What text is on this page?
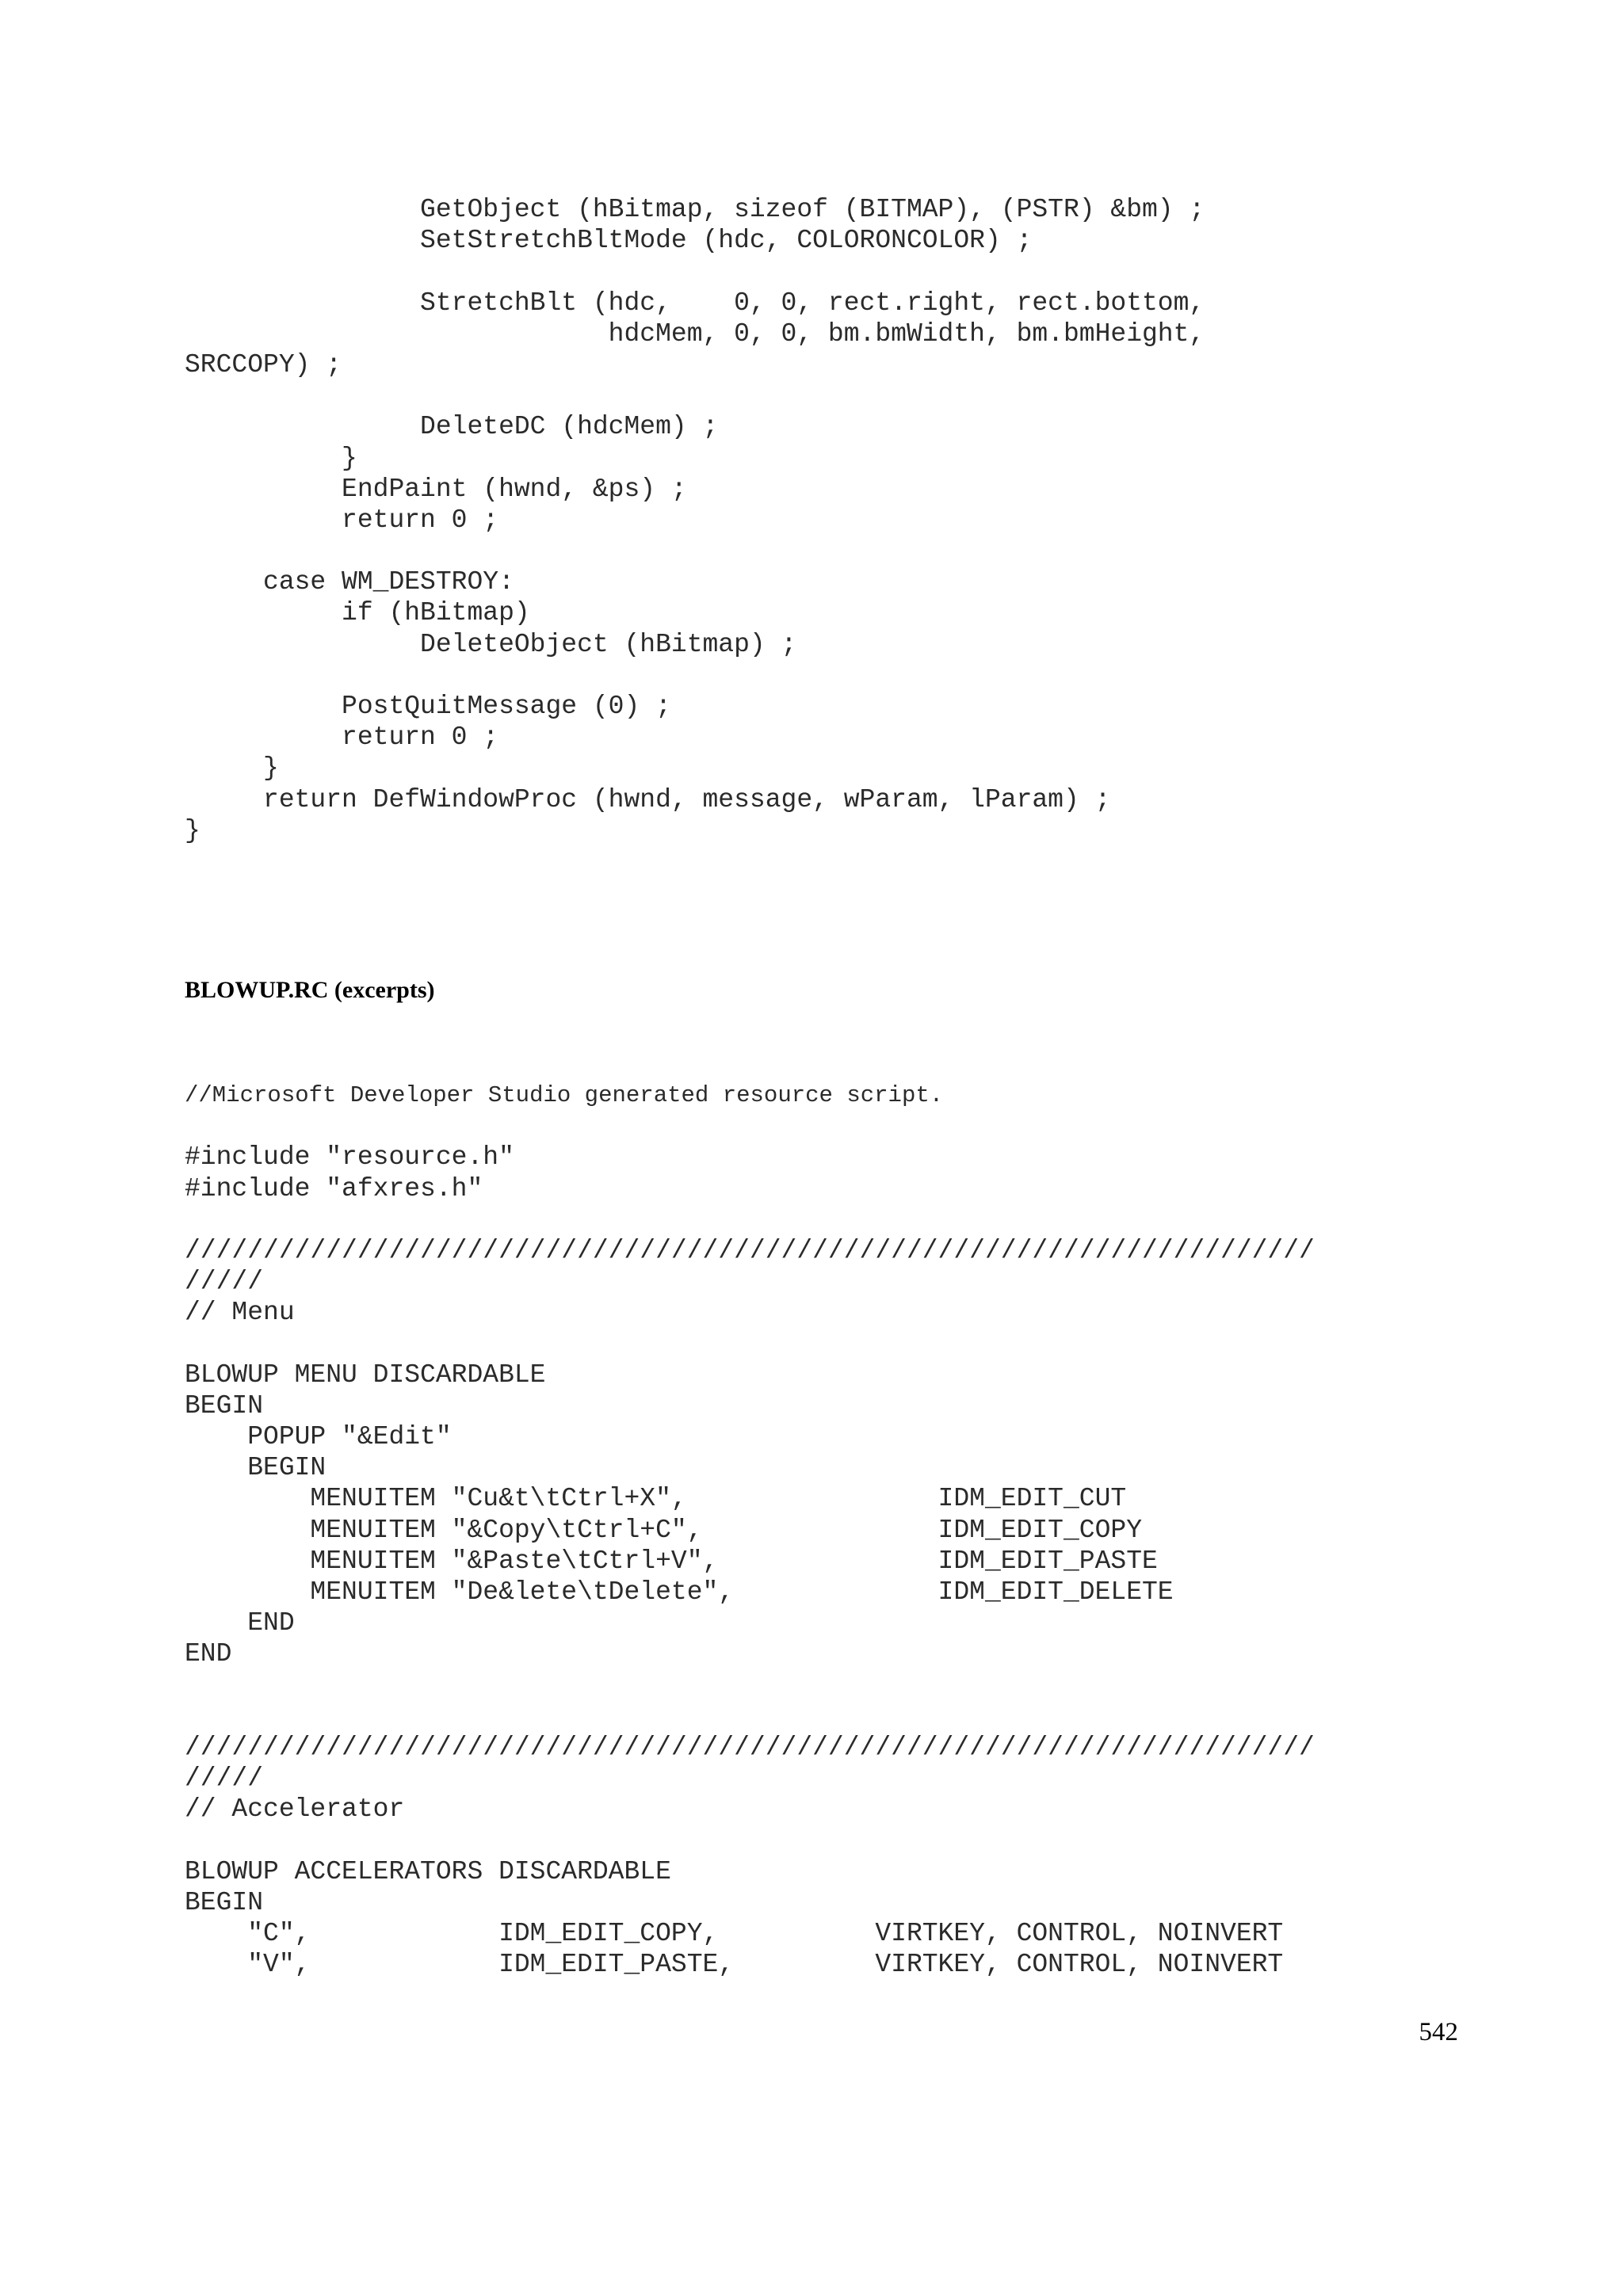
GetObject (hBitmap, sizeof (BITMAP), (PSTR) &bm) ;
SetStretchBltMode (hdc, COLORONCOLOR) ;
StretchBlt (hdc,    0, 0, rect.right, rect.bottom,
hdcMem, 0, 0, bm.bmWidth, bm.bmHeight,
SRCCOPY) ;
DeleteDC (hdcMem) ;
}
EndPaint (hwnd, &ps) ;
return 0 ;
case WM_DESTROY:
if (hBitmap)
DeleteObject (hBitmap) ;
PostQuitMessage (0) ;
return 0 ;
}
return DefWindowProc (hwnd, message, wParam, lParam) ;
}
BLOWUP.RC (excerpts)
//Microsoft Developer Studio generated resource script.
#include "resource.h"
#include "afxres.h"
////////////////////////////////////////////////////////////////////////
/////
// Menu
BLOWUP MENU DISCARDABLE
BEGIN
POPUP "&Edit"
BEGIN
MENUITEM "Cu&t\tCtrl+X",                IDM_EDIT_CUT
MENUITEM "&Copy\tCtrl+C",               IDM_EDIT_COPY
MENUITEM "&Paste\tCtrl+V",              IDM_EDIT_PASTE
MENUITEM "De&lete\tDelete",             IDM_EDIT_DELETE
END
END
////////////////////////////////////////////////////////////////////////
/////
// Accelerator
BLOWUP ACCELERATORS DISCARDABLE
BEGIN
"C",            IDM_EDIT_COPY,          VIRTKEY, CONTROL, NOINVERT
"V",            IDM_EDIT_PASTE,         VIRTKEY, CONTROL, NOINVERT
542
